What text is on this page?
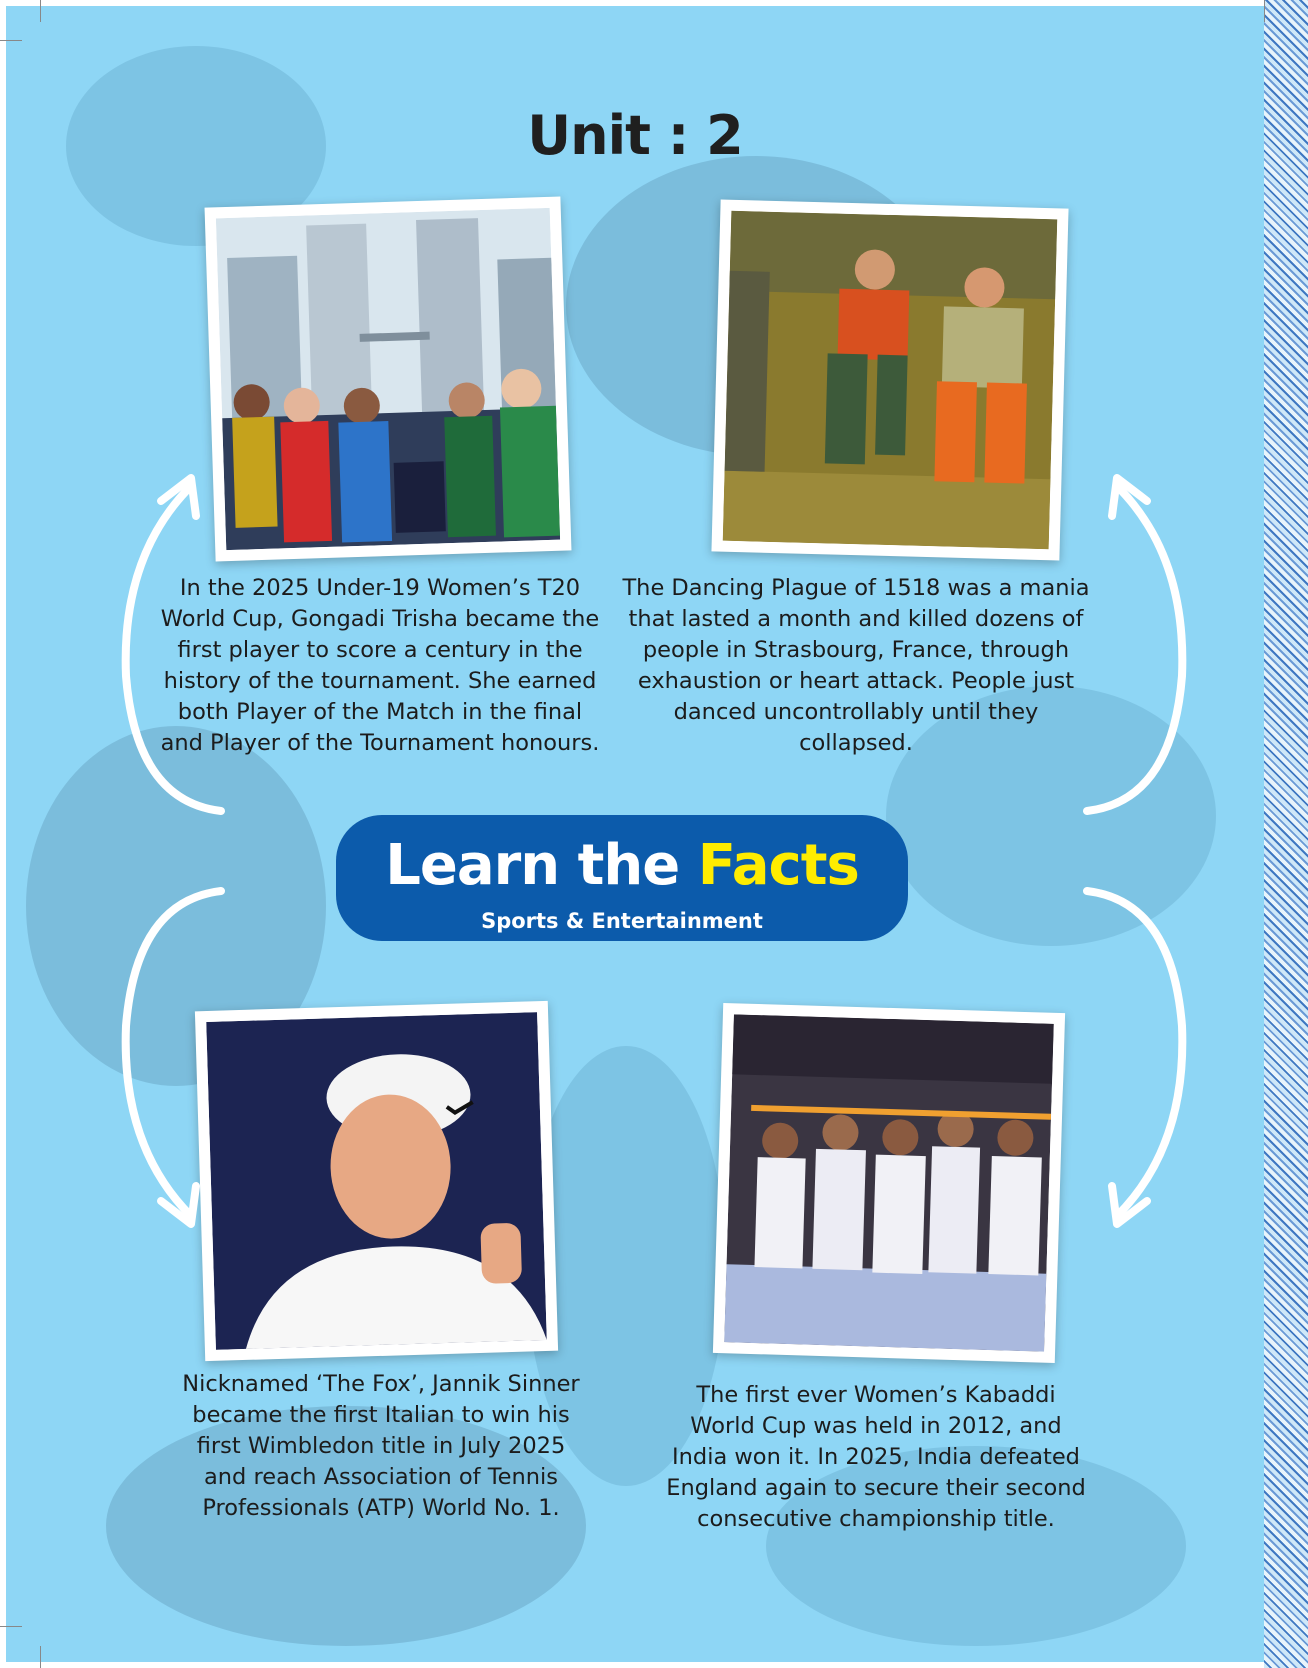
Unit : 2

In the 2025 Under-19 Women’s T20 World Cup, Gongadi Trisha became the first player to score a century in the history of the tournament. She earned both Player of the Match in the final and Player of the Tournament honours.

The Dancing Plague of 1518 was a mania that lasted a month and killed dozens of people in Strasbourg, France, through exhaustion or heart attack. People just danced uncontrollably until they collapsed.

Learn the Facts

Sports & Entertainment

Nicknamed ‘The Fox’, Jannik Sinner became the first Italian to win his first Wimbledon title in July 2025 and reach Association of Tennis Professionals (ATP) World No. 1.

The first ever Women’s Kabaddi World Cup was held in 2012, and India won it. In 2025, India defeated England again to secure their second consecutive championship title.
